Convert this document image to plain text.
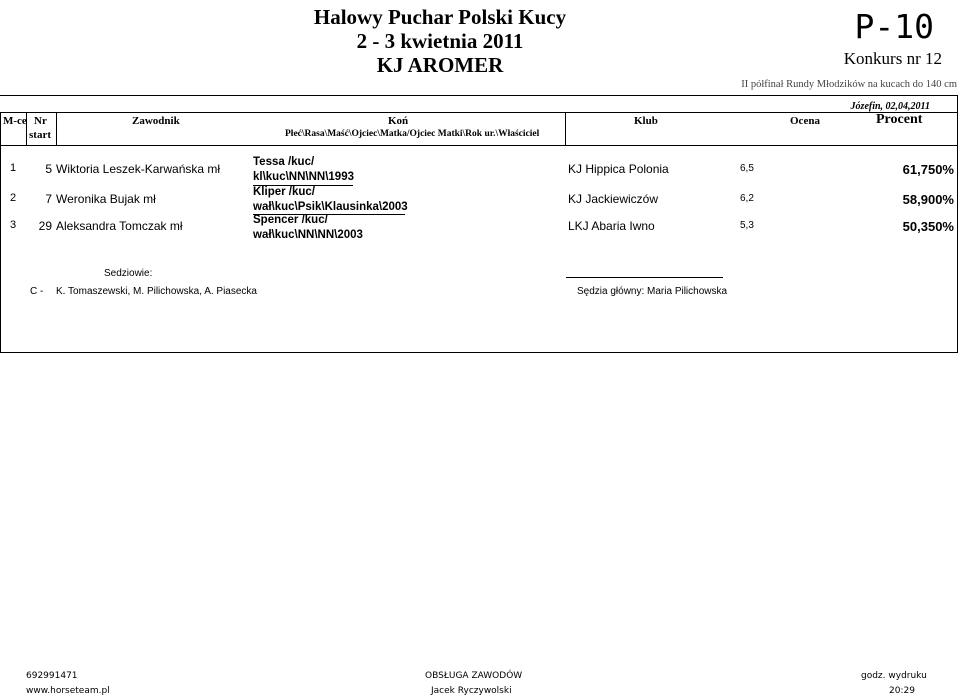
Halowy Puchar Polski Kucy
2 - 3 kwietnia 2011
KJ AROMER
P-10
Konkurs nr 12
II półfinał Rundy Młodzików na kucach do 140 cm
Józefin, 02,04,2011
M-ce Nr
start
Zawodnik	Koń
Płeć\Rasa\Maść\Ojciec\Matka/Ojciec Matki\Rok ur.\Właściciel
Klub	Ocena	Procent
1	5 Wiktoria Leszek-Karwańska mł	Tessa /kuc/
kl\kuc\NN\NN\1993
KJ Hippica Polonia	6,5	61,750%
2	7 Weronika Bujak mł	Kliper /kuc/
wał\kuc\Psik\Klausinka\2003
KJ Jackiewiczów	6,2	58,900%
3	29 Aleksandra Tomczak mł	Spencer /kuc/
wał\kuc\NN\NN\2003
LKJ Abaria Iwno	5,3	50,350%
Sedziowie:
C - K. Tomaszewski, M. Pilichowska, A. Piasecka	Sędzia główny: Maria Pilichowska
692991471
www.horseteam.pl
OBSŁUGA ZAWODÓW
Jacek Ryczywolski
godz. wydruku
20:29
